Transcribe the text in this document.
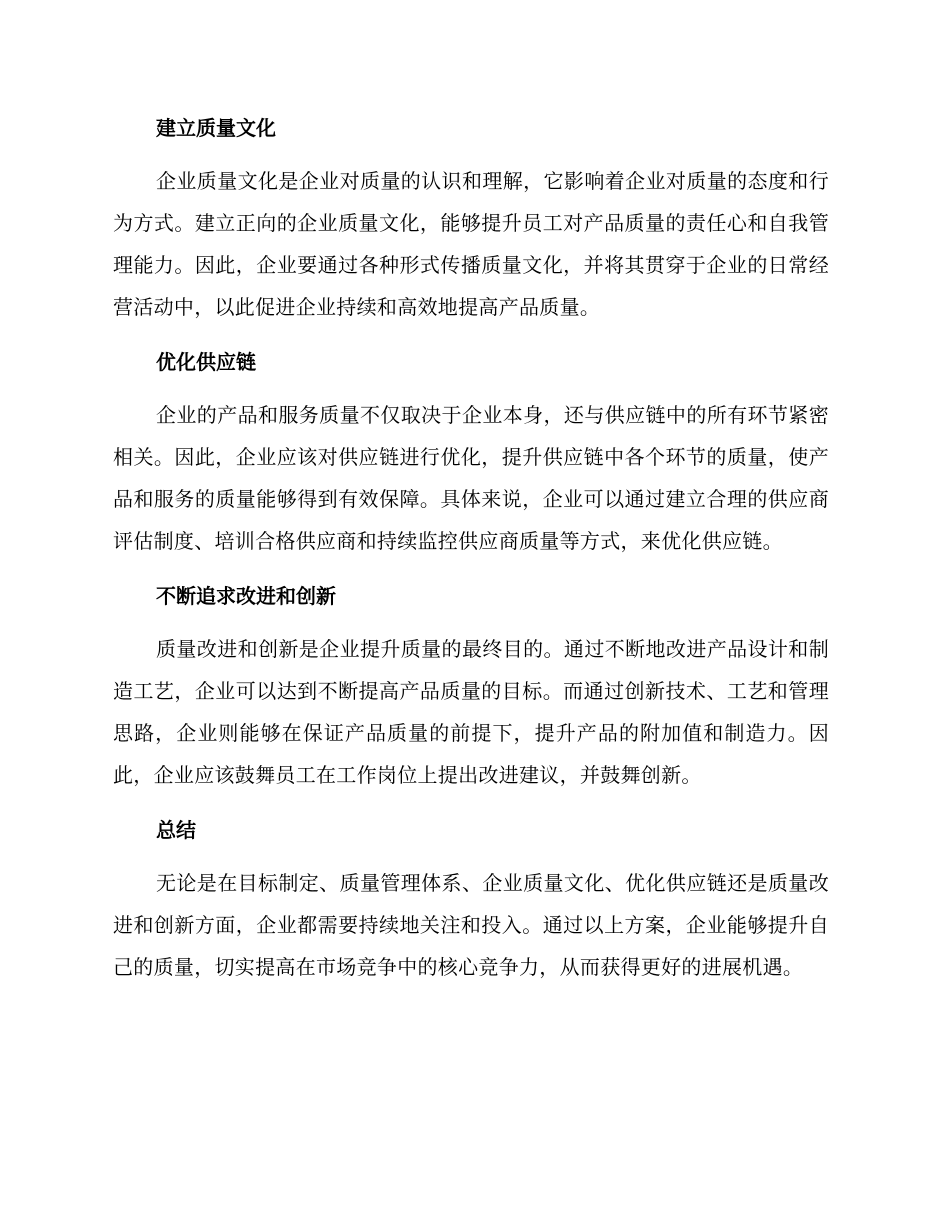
建立质量文化

企业质量文化是企业对质量的认识和理解，它影响着企业对质量的态度和行为方式。建立正向的企业质量文化，能够提升员工对产品质量的责任心和自我管理能力。因此，企业要通过各种形式传播质量文化，并将其贯穿于企业的日常经营活动中，以此促进企业持续和高效地提高产品质量。

优化供应链

企业的产品和服务质量不仅取决于企业本身，还与供应链中的所有环节紧密相关。因此，企业应该对供应链进行优化，提升供应链中各个环节的质量，使产品和服务的质量能够得到有效保障。具体来说，企业可以通过建立合理的供应商评估制度、培训合格供应商和持续监控供应商质量等方式，来优化供应链。

不断追求改进和创新

质量改进和创新是企业提升质量的最终目的。通过不断地改进产品设计和制造工艺，企业可以达到不断提高产品质量的目标。而通过创新技术、工艺和管理思路，企业则能够在保证产品质量的前提下，提升产品的附加值和制造力。因此，企业应该鼓舞员工在工作岗位上提出改进建议，并鼓舞创新。

总结

无论是在目标制定、质量管理体系、企业质量文化、优化供应链还是质量改进和创新方面，企业都需要持续地关注和投入。通过以上方案，企业能够提升自己的质量，切实提高在市场竞争中的核心竞争力，从而获得更好的进展机遇。
